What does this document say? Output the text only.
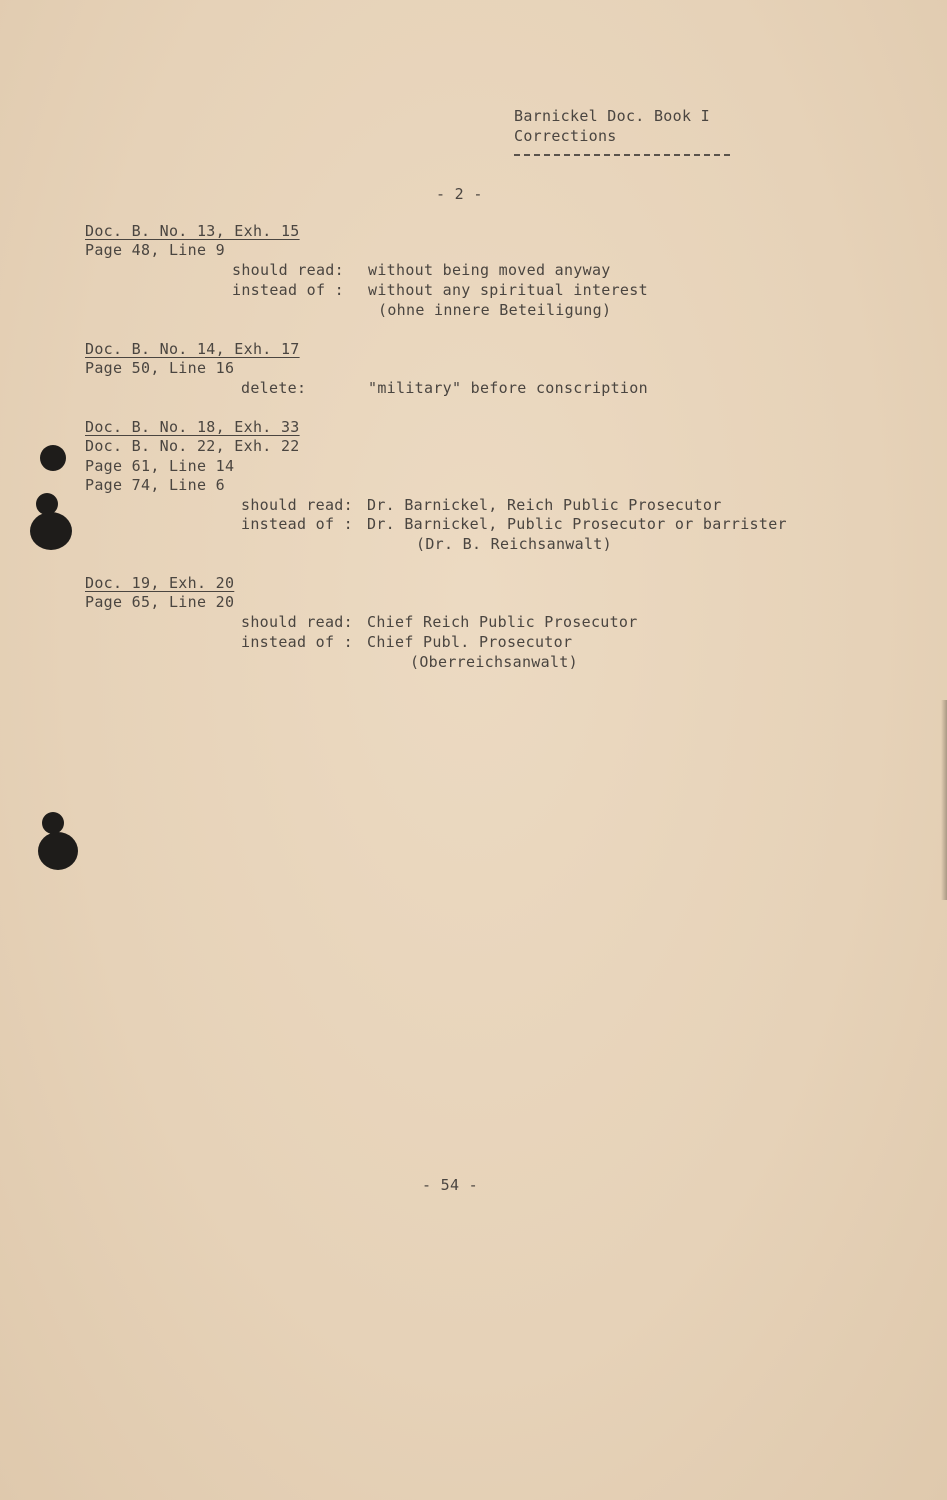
Barnickel Doc. Book I
Corrections
- 2 -
Doc. B. No. 13, Exh. 15
Page 48, Line 9
should read: without being moved anyway
instead of : without any spiritual interest
(ohne innere Beteiligung)
Doc. B. No. 14, Exh. 17
Page 50, Line 16
delete:	"military" before conscription
Doc. B. No. 18, Exh. 33
Doc. B. No. 22, Exh. 22
Page 61, Line 14
Page 74, Line 6
should read: Dr. Barnickel, Reich Public Prosecutor
instead of : Dr. Barnickel, Public Prosecutor or barrister
(Dr. B. Reichsanwalt)
Doc. 19, Exh. 20
Page 65, Line 20
should read: Chief Reich Public Prosecutor
instead of : Chief Publ. Prosecutor
(Oberreichsanwalt)
- 54 -
